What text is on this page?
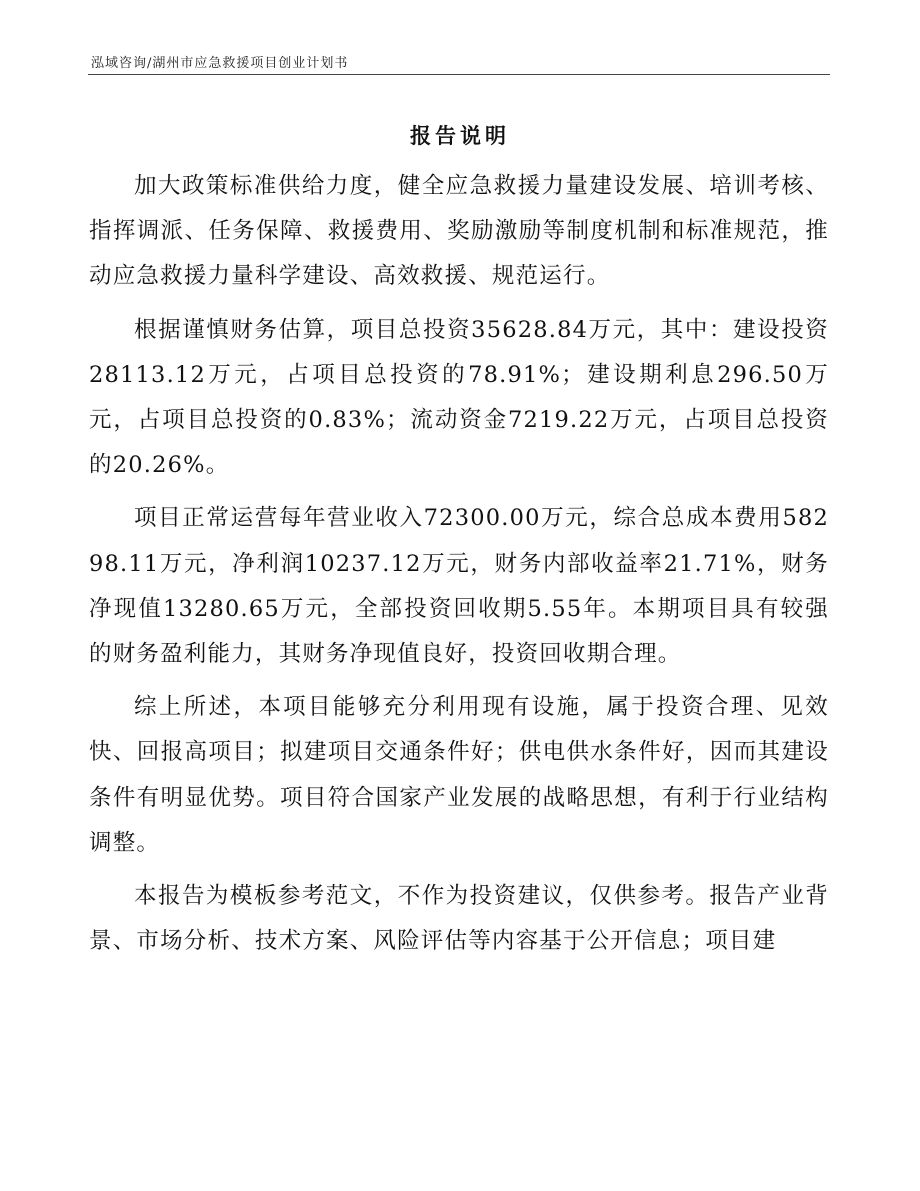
泓域咨询/湖州市应急救援项目创业计划书
报告说明

加大政策标准供给力度，健全应急救援力量建设发展、培训考核、指挥调派、任务保障、救援费用、奖励激励等制度机制和标准规范，推动应急救援力量科学建设、高效救援、规范运行。

根据谨慎财务估算，项目总投资35628.84万元，其中：建设投资28113.12万元，占项目总投资的78.91%；建设期利息296.50万元，占项目总投资的0.83%；流动资金7219.22万元，占项目总投资的20.26%。

项目正常运营每年营业收入72300.00万元，综合总成本费用58298.11万元，净利润10237.12万元，财务内部收益率21.71%，财务净现值13280.65万元，全部投资回收期5.55年。本期项目具有较强的财务盈利能力，其财务净现值良好，投资回收期合理。

综上所述，本项目能够充分利用现有设施，属于投资合理、见效快、回报高项目；拟建项目交通条件好；供电供水条件好，因而其建设条件有明显优势。项目符合国家产业发展的战略思想，有利于行业结构调整。

本报告为模板参考范文，不作为投资建议，仅供参考。报告产业背景、市场分析、技术方案、风险评估等内容基于公开信息；项目建
